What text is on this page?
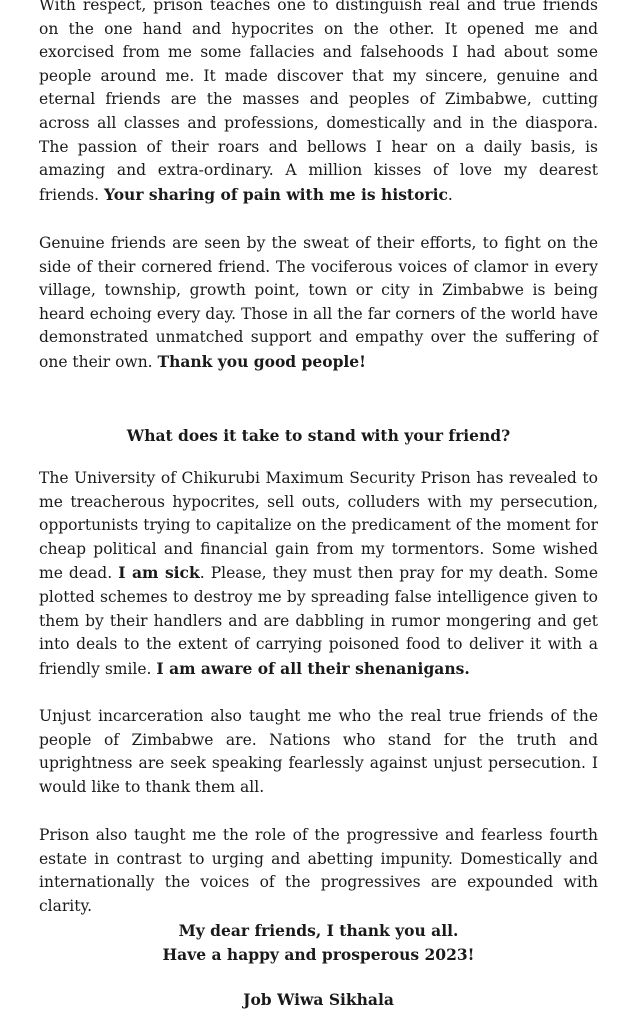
With respect, prison teaches one to distinguish real and true friends on the one hand and hypocrites on the other. It opened me and exorcised from me some fallacies and falsehoods I had about some people around me. It made discover that my sincere, genuine and eternal friends are the masses and peoples of Zimbabwe, cutting across all classes and professions, domestically and in the diaspora. The passion of their roars and bellows I hear on a daily basis, is amazing and extra-ordinary. A million kisses of love my dearest friends. Your sharing of pain with me is historic.

Genuine friends are seen by the sweat of their efforts, to fight on the side of their cornered friend. The vociferous voices of clamor in every village, township, growth point, town or city in Zimbabwe is being heard echoing every day. Those in all the far corners of the world have demonstrated unmatched support and empathy over the suffering of one their own. Thank you good people!

What does it take to stand with your friend?

The University of Chikurubi Maximum Security Prison has revealed to me treacherous hypocrites, sell outs, colluders with my persecution, opportunists trying to capitalize on the predicament of the moment for cheap political and financial gain from my tormentors. Some wished me dead. I am sick. Please, they must then pray for my death. Some plotted schemes to destroy me by spreading false intelligence given to them by their handlers and are dabbling in rumor mongering and get into deals to the extent of carrying poisoned food to deliver it with a friendly smile. I am aware of all their shenanigans.

Unjust incarceration also taught me who the real true friends of the people of Zimbabwe are. Nations who stand for the truth and uprightness are seek speaking fearlessly against unjust persecution. I would like to thank them all.

Prison also taught me the role of the progressive and fearless fourth estate in contrast to urging and abetting impunity. Domestically and internationally the voices of the progressives are expounded with clarity.

My dear friends, I thank you all.
Have a happy and prosperous 2023!

Job Wiwa Sikhala
